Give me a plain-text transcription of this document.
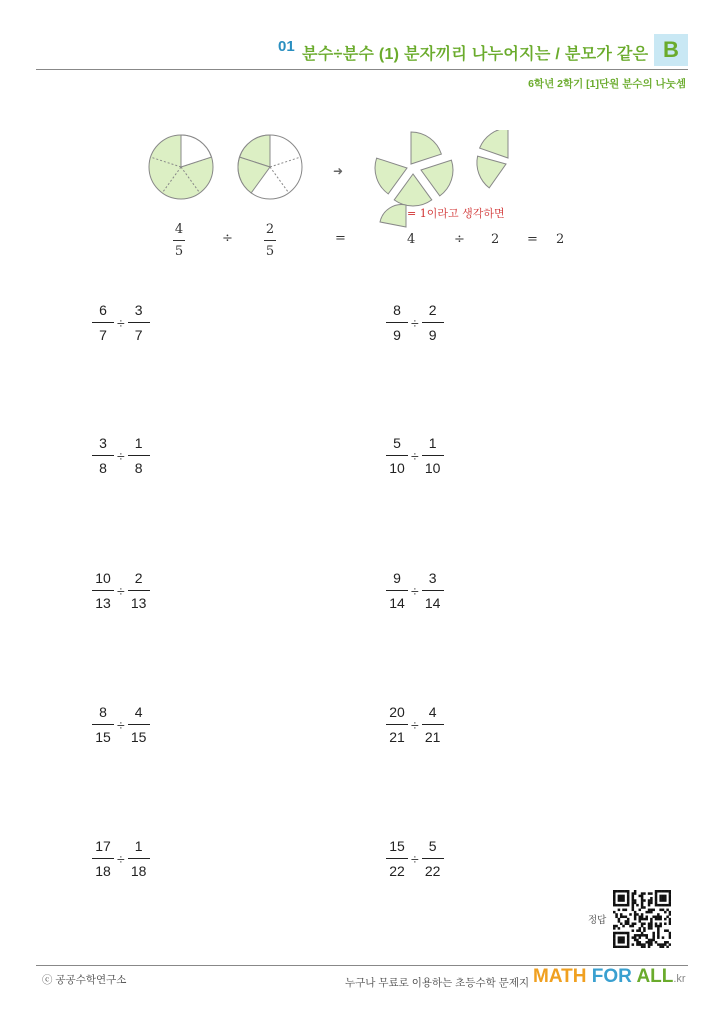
01 분수÷분수 (1) 분자끼리 나누어지는 / 분모가 같은 B
6학년 2학기 [1]단원 분수의 나눗셈
➜
= 1이라고 생각하면
4
5
÷
2
5
=	4	÷ 2 = 2
$\frac{6}{7} \div \frac{3}{7}$	$\frac{8}{9} \div \frac{2}{9}$
$\frac{3}{8} \div \frac{1}{8}$	$\frac{5}{10} \div \frac{1}{10}$
$\frac{10}{13} \div \frac{2}{13}$	$\frac{9}{14} \div \frac{3}{14}$
$\frac{8}{15} \div \frac{4}{15}$	$\frac{20}{21} \div \frac{4}{21}$
$\frac{17}{18} \div \frac{1}{18}$	$\frac{15}{22} \div \frac{5}{22}$
정답
ⓒ 공공수학연구소	누구나 무료로 이용하는 초등수학 문제지 MATH FOR ALL.kr
